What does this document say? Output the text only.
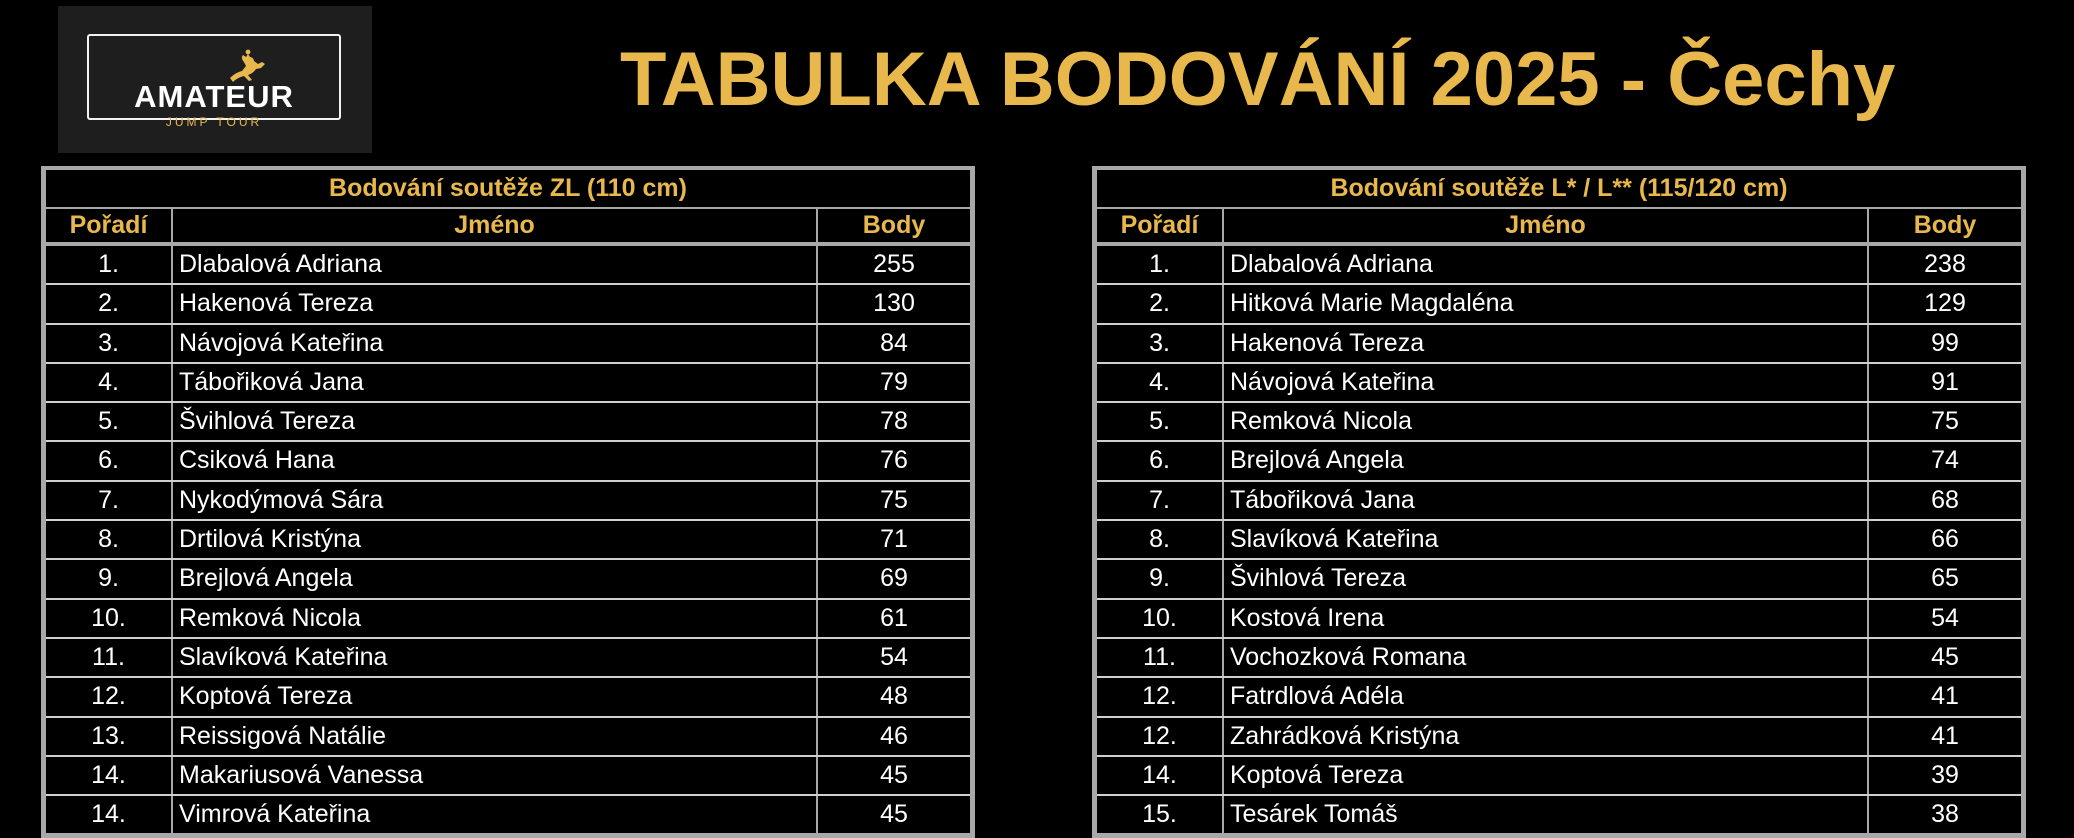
AMATEUR
JUMP TOUR	TABULKA BODOVÁNÍ 2025 - Čechy
Bodování soutěže ZL (110 cm)
Pořadí	Jméno	Body
1.	Dlabalová Adriana	255
2.	Hakenová Tereza	130
3.	Návojová Kateřina	84
4.	Tábořiková Jana	79
5.	Švihlová Tereza	78
6.	Csiková Hana	76
7.	Nykodýmová Sára	75
8.	Drtilová Kristýna	71
9.	Brejlová Angela	69
10.	Remková Nicola	61
11.	Slavíková Kateřina	54
12.	Koptová Tereza	48
13.	Reissigová Natálie	46
14.	Makariusová Vanessa	45
14.	Vimrová Kateřina	45
Bodování soutěže L* / L** (115/120 cm)
Pořadí	Jméno	Body
1.	Dlabalová Adriana	238
2.	Hitková Marie Magdaléna	129
3.	Hakenová Tereza	99
4.	Návojová Kateřina	91
5.	Remková Nicola	75
6.	Brejlová Angela	74
7.	Tábořiková Jana	68
8.	Slavíková Kateřina	66
9.	Švihlová Tereza	65
10.	Kostová Irena	54
11.	Vochozková Romana	45
12.	Fatrdlová Adéla	41
12.	Zahrádková Kristýna	41
14.	Koptová Tereza	39
15.	Tesárek Tomáš	38
